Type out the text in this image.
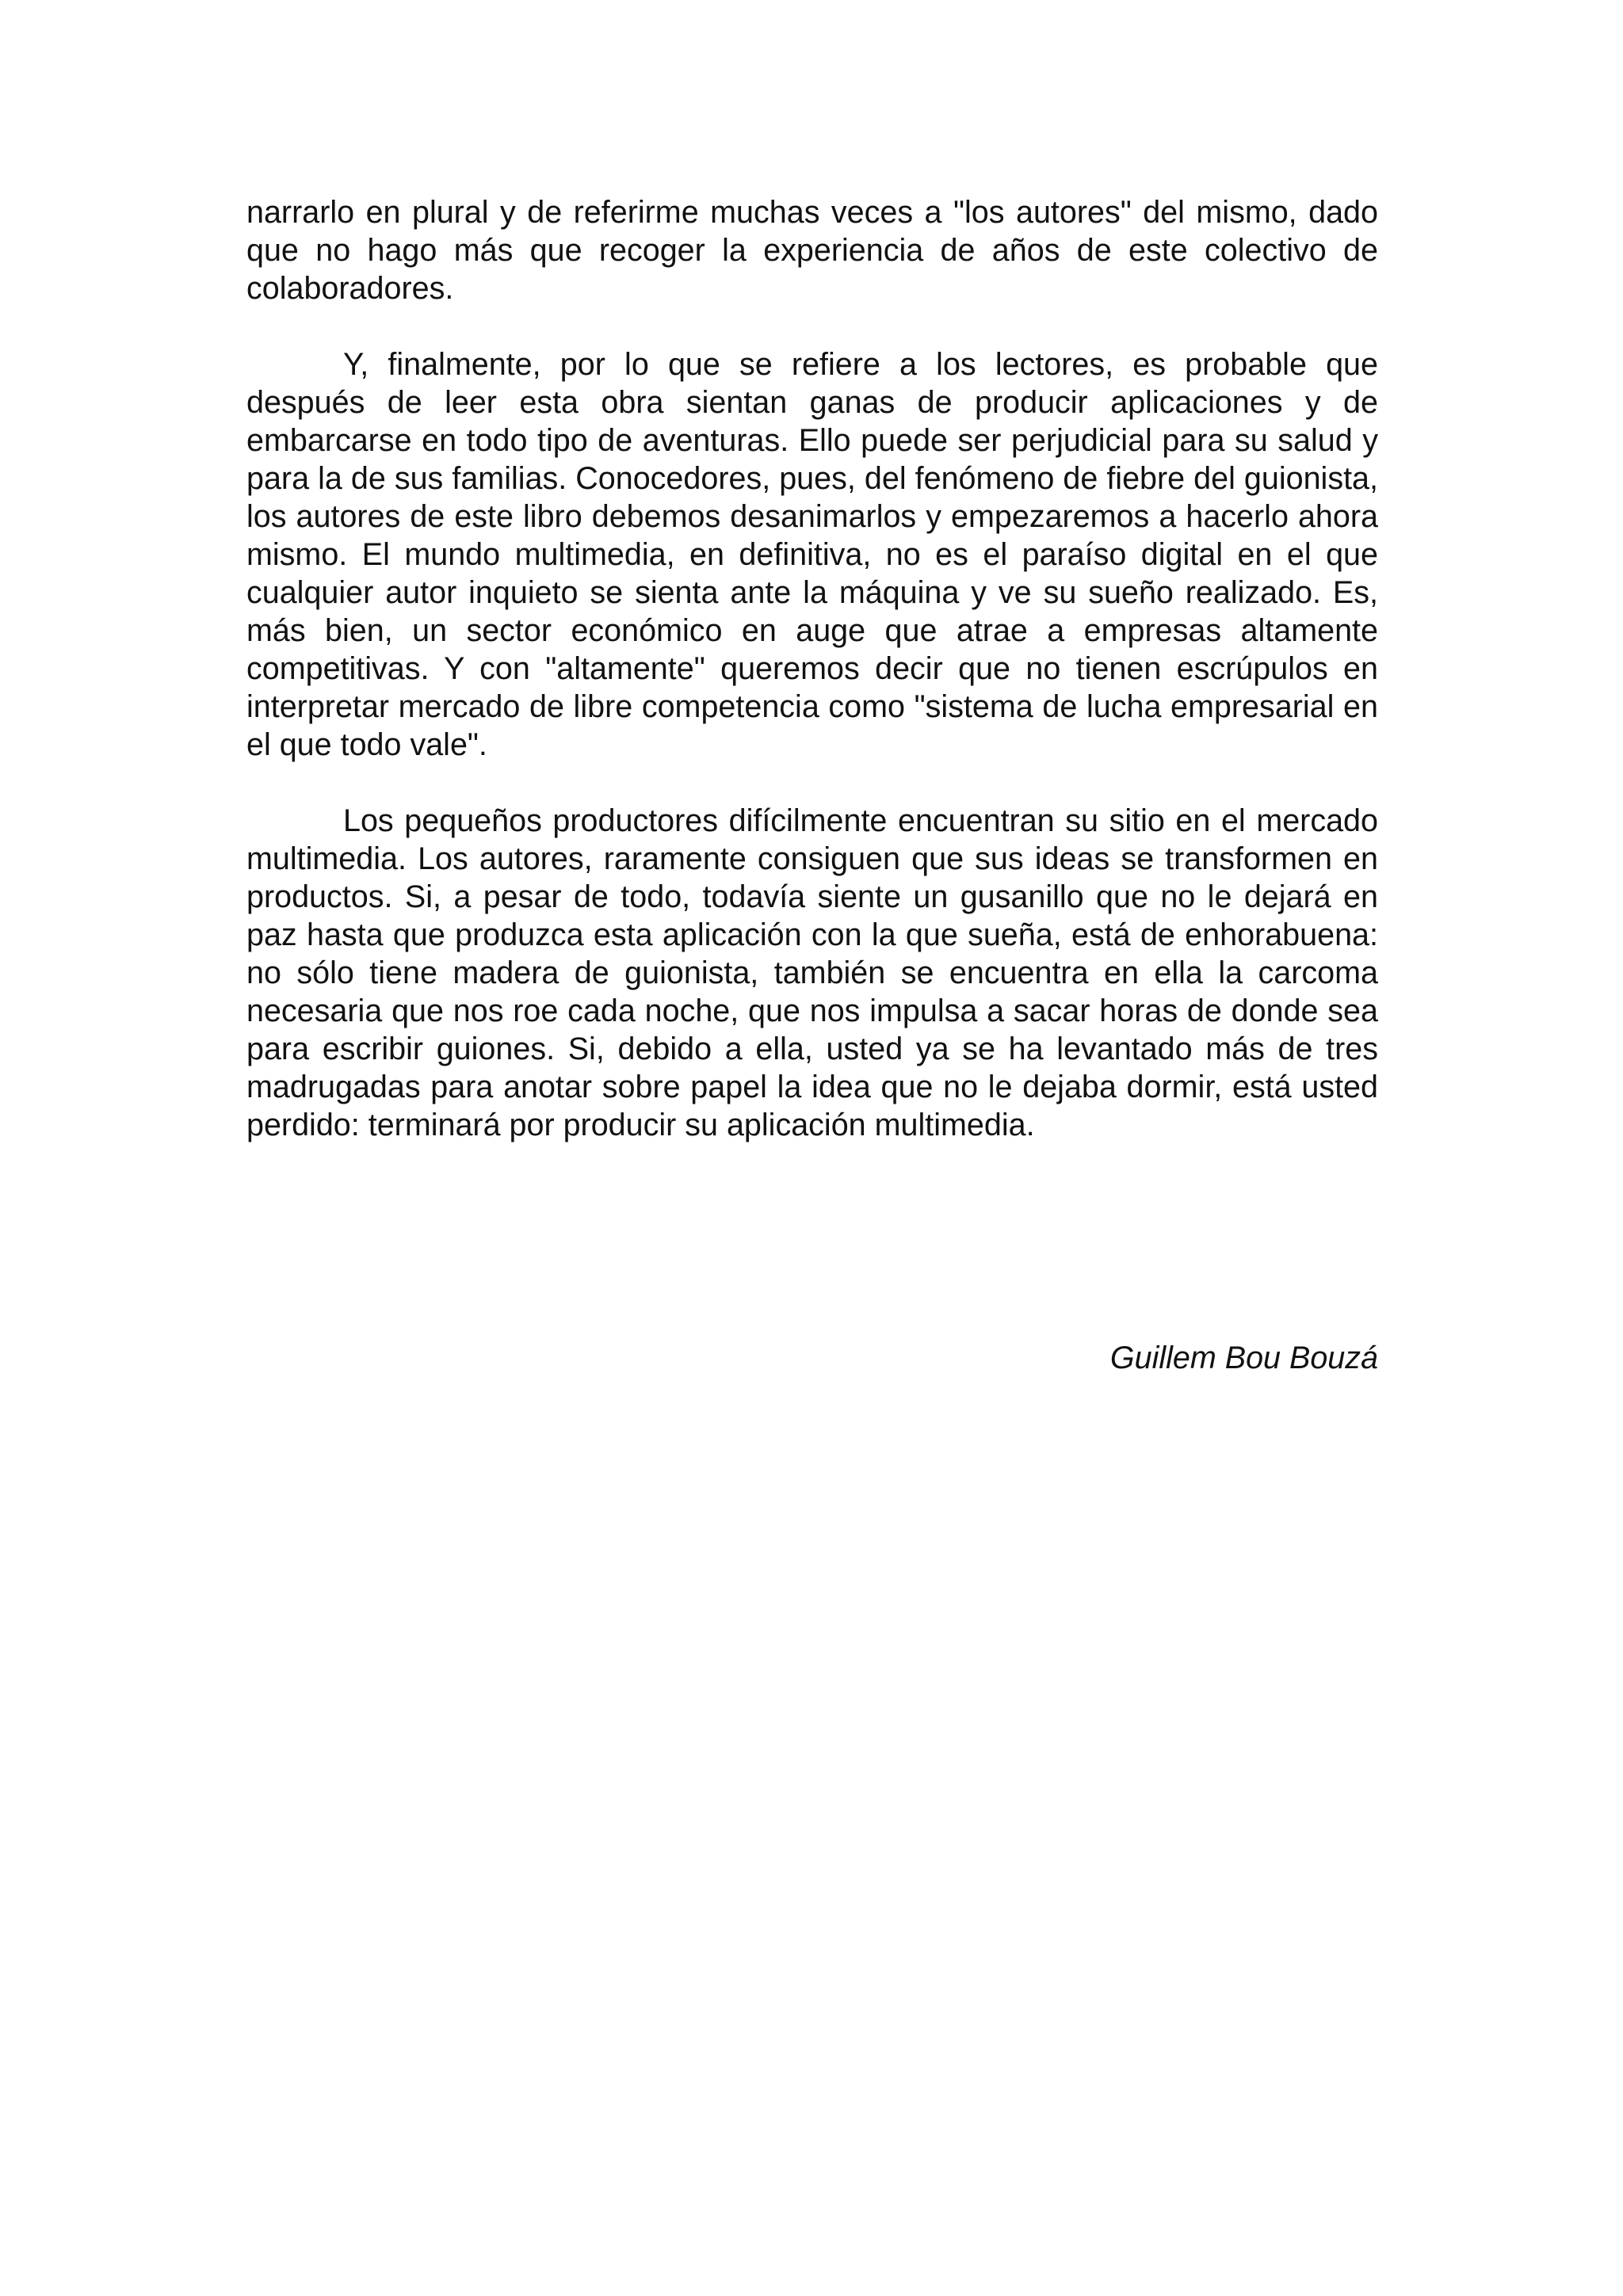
narrarlo en plural y de referirme muchas veces a "los autores" del mismo, dado que no hago más que recoger la experiencia de años de este colectivo de colaboradores.

Y, finalmente, por lo que se refiere a los lectores, es probable que después de leer esta obra sientan ganas de producir aplicaciones y de embarcarse en todo tipo de aventuras. Ello puede ser perjudicial para su salud y para la de sus familias. Conocedores, pues, del fenómeno de fiebre del guionista, los autores de este libro debemos desanimarlos y empezaremos a hacerlo ahora mismo. El mundo multimedia, en definitiva, no es el paraíso digital en el que cualquier autor inquieto se sienta ante la máquina y ve su sueño realizado. Es, más bien, un sector económico en auge que atrae a empresas altamente competitivas. Y con "altamente" queremos decir que no tienen escrúpulos en interpretar mercado de libre competencia como "sistema de lucha empresarial en el que todo vale".

Los pequeños productores difícilmente encuentran su sitio en el mercado multimedia. Los autores, raramente consiguen que sus ideas se transformen en productos. Si, a pesar de todo, todavía siente un gusanillo que no le dejará en paz hasta que produzca esta aplicación con la que sueña, está de enhorabuena: no sólo tiene madera de guionista, también se encuentra en ella la carcoma necesaria que nos roe cada noche, que nos impulsa a sacar horas de donde sea para escribir guiones. Si, debido a ella, usted ya se ha levantado más de tres madrugadas para anotar sobre papel la idea que no le dejaba dormir, está usted perdido: terminará por producir su aplicación multimedia.

Guillem Bou Bouzá
